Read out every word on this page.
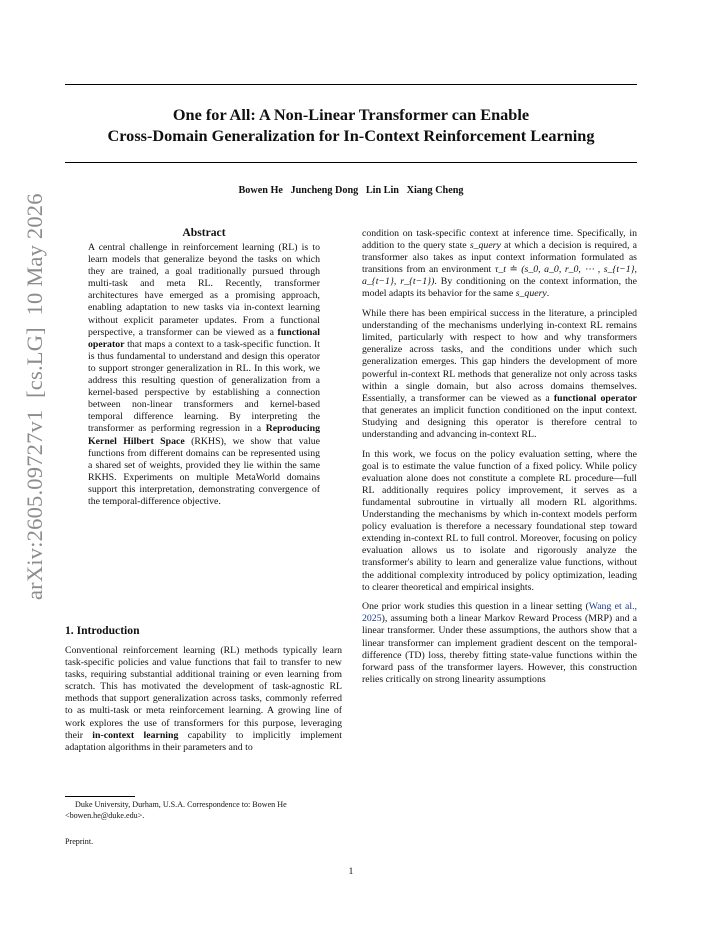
arXiv:2605.09727v1  [cs.LG]  10 May 2026
One for All: A Non-Linear Transformer can Enable
Cross-Domain Generalization for In-Context Reinforcement Learning
Bowen He   Juncheng Dong   Lin Lin   Xiang Cheng
Abstract

A central challenge in reinforcement learning (RL) is to learn models that generalize beyond the tasks on which they are trained, a goal traditionally pursued through multi-task and meta RL. Recently, transformer architectures have emerged as a promising approach, enabling adaptation to new tasks via in-context learning without explicit parameter updates. From a functional perspective, a transformer can be viewed as a functional operator that maps a context to a task-specific function. It is thus fundamental to understand and design this operator to support stronger generalization in RL. In this work, we address this resulting question of generalization from a kernel-based perspective by establishing a connection between non-linear transformers and kernel-based temporal difference learning. By interpreting the transformer as performing regression in a Reproducing Kernel Hilbert Space (RKHS), we show that value functions from different domains can be represented using a shared set of weights, provided they lie within the same RKHS. Experiments on multiple MetaWorld domains support this interpretation, demonstrating convergence of the temporal-difference objective.

1. Introduction

Conventional reinforcement learning (RL) methods typically learn task-specific policies and value functions that fail to transfer to new tasks, requiring substantial additional training or even learning from scratch. This has motivated the development of task-agnostic RL methods that support generalization across tasks, commonly referred to as multi-task or meta reinforcement learning. A growing line of work explores the use of transformers for this purpose, leveraging their in-context learning capability to implicitly implement adaptation algorithms in their parameters and to

Duke University, Durham, U.S.A. Correspondence to: Bowen He <bowen.he@duke.edu>.

Preprint.

condition on task-specific context at inference time. Specifically, in addition to the query state s_query at which a decision is required, a transformer also takes as input context information formulated as transitions from an environment τ_t ≐ (s_0, a_0, r_0, ⋯ , s_{t−1}, a_{t−1}, r_{t−1}). By conditioning on the context information, the model adapts its behavior for the same s_query.

While there has been empirical success in the literature, a principled understanding of the mechanisms underlying in-context RL remains limited, particularly with respect to how and why transformers generalize across tasks, and the conditions under which such generalization emerges. This gap hinders the development of more powerful in-context RL methods that generalize not only across tasks within a single domain, but also across domains themselves. Essentially, a transformer can be viewed as a functional operator that generates an implicit function conditioned on the input context. Studying and designing this operator is therefore central to understanding and advancing in-context RL.

In this work, we focus on the policy evaluation setting, where the goal is to estimate the value function of a fixed policy. While policy evaluation alone does not constitute a complete RL procedure—full RL additionally requires policy improvement, it serves as a fundamental subroutine in virtually all modern RL algorithms. Understanding the mechanisms by which in-context models perform policy evaluation is therefore a necessary foundational step toward extending in-context RL to full control. Moreover, focusing on policy evaluation allows us to isolate and rigorously analyze the transformer's ability to learn and generalize value functions, without the additional complexity introduced by policy optimization, leading to clearer theoretical and empirical insights.

One prior work studies this question in a linear setting (Wang et al., 2025), assuming both a linear Markov Reward Process (MRP) and a linear transformer. Under these assumptions, the authors show that a linear transformer can implement gradient descent on the temporal-difference (TD) loss, thereby fitting state-value functions within the forward pass of the transformer layers. However, this construction relies critically on strong linearity assumptions

1
